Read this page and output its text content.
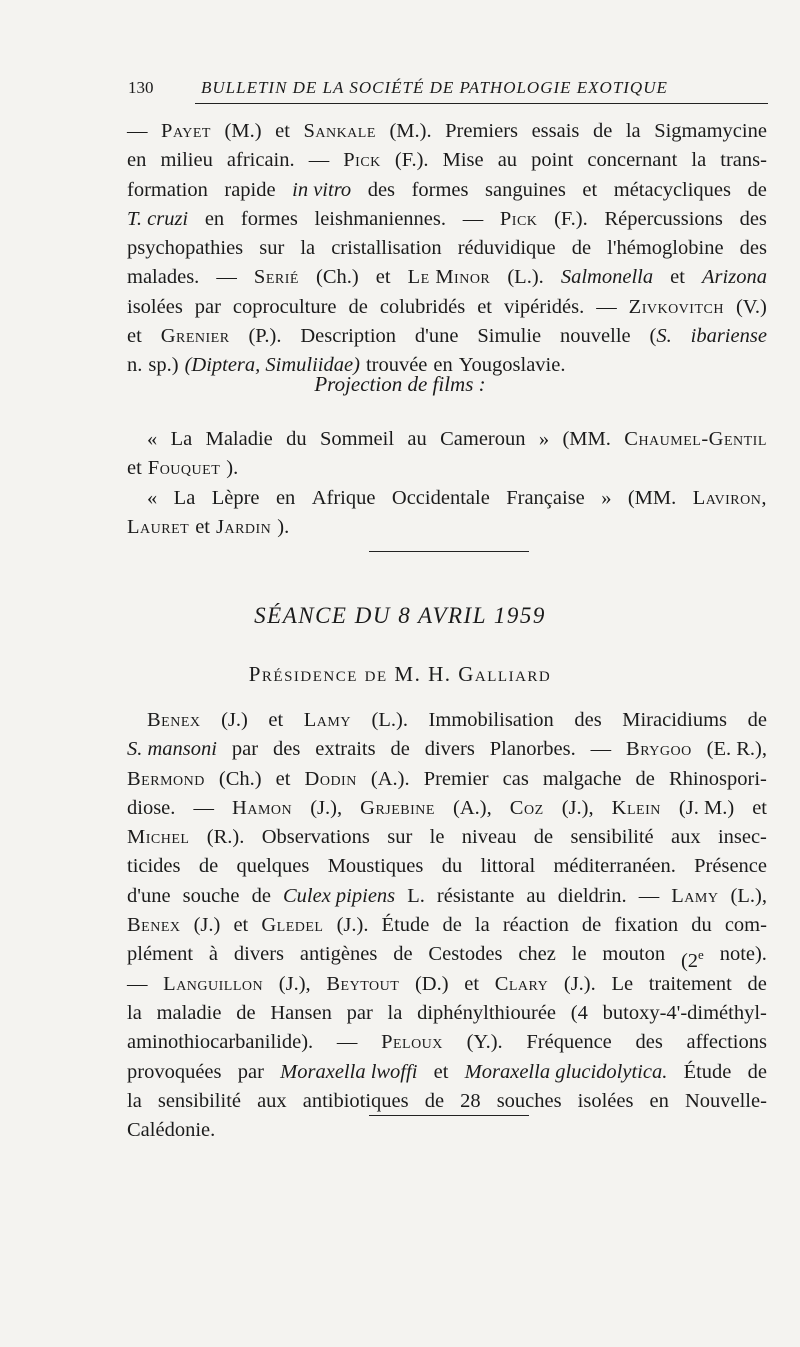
130	BULLETIN DE LA SOCIÉTÉ DE PATHOLOGIE EXOTIQUE
— Payet (M.) et Sankale (M.). Premiers essais de la Sigmamycine
en milieu africain. — Pick (F.). Mise au point concernant la trans-
formation rapide in vitro des formes sanguines et métacycliques de
T. cruzi en formes leishmaniennes. — Pick (F.). Répercussions des
psychopathies sur la cristallisation réduvidique de l'hémoglobine des
malades. — Serié (Ch.) et Le Minor (L.). Salmonella et Arizona
isolées par coproculture de colubridés et vipéridés. — Zivkovitch (V.)
et Grenier (P.). Description d'une Simulie nouvelle (S. ibariense
n. sp.) (Diptera, Simuliidae) trouvée en Yougoslavie.
Projection de films :
« La Maladie du Sommeil au Cameroun » (MM. Chaumel-Gentil
et Fouquet ).
« La Lèpre en Afrique Occidentale Française » (MM. Laviron,
Lauret et Jardin ).
SÉANCE DU 8 AVRIL 1959
Présidence de M. H. Galliard
Benex (J.) et Lamy (L.). Immobilisation des Miracidiums de
S. mansoni par des extraits de divers Planorbes. — Brygoo (E. R.),
Bermond (Ch.) et Dodin (A.). Premier cas malgache de Rhinospori-
diose. — Hamon (J.), Grjebine (A.), Coz (J.), Klein (J. M.) et
Michel (R.). Observations sur le niveau de sensibilité aux insec-
ticides de quelques Moustiques du littoral méditerranéen. Présence
d'une souche de Culex pipiens L. résistante au dieldrin. — Lamy (L.),
Benex (J.) et Gledel (J.). Étude de la réaction de fixation du com-
plément à divers antigènes de Cestodes chez le mouton (2e note).
— Languillon (J.), Beytout (D.) et Clary (J.). Le traitement de
la maladie de Hansen par la diphénylthiourée (4 butoxy-4'-diméthyl-
aminothiocarbanilide). — Peloux (Y.). Fréquence des affections
provoquées par Moraxella lwoffi et Moraxella glucidolytica. Étude de
la sensibilité aux antibiotiques de 28 souches isolées en Nouvelle-
Calédonie.
